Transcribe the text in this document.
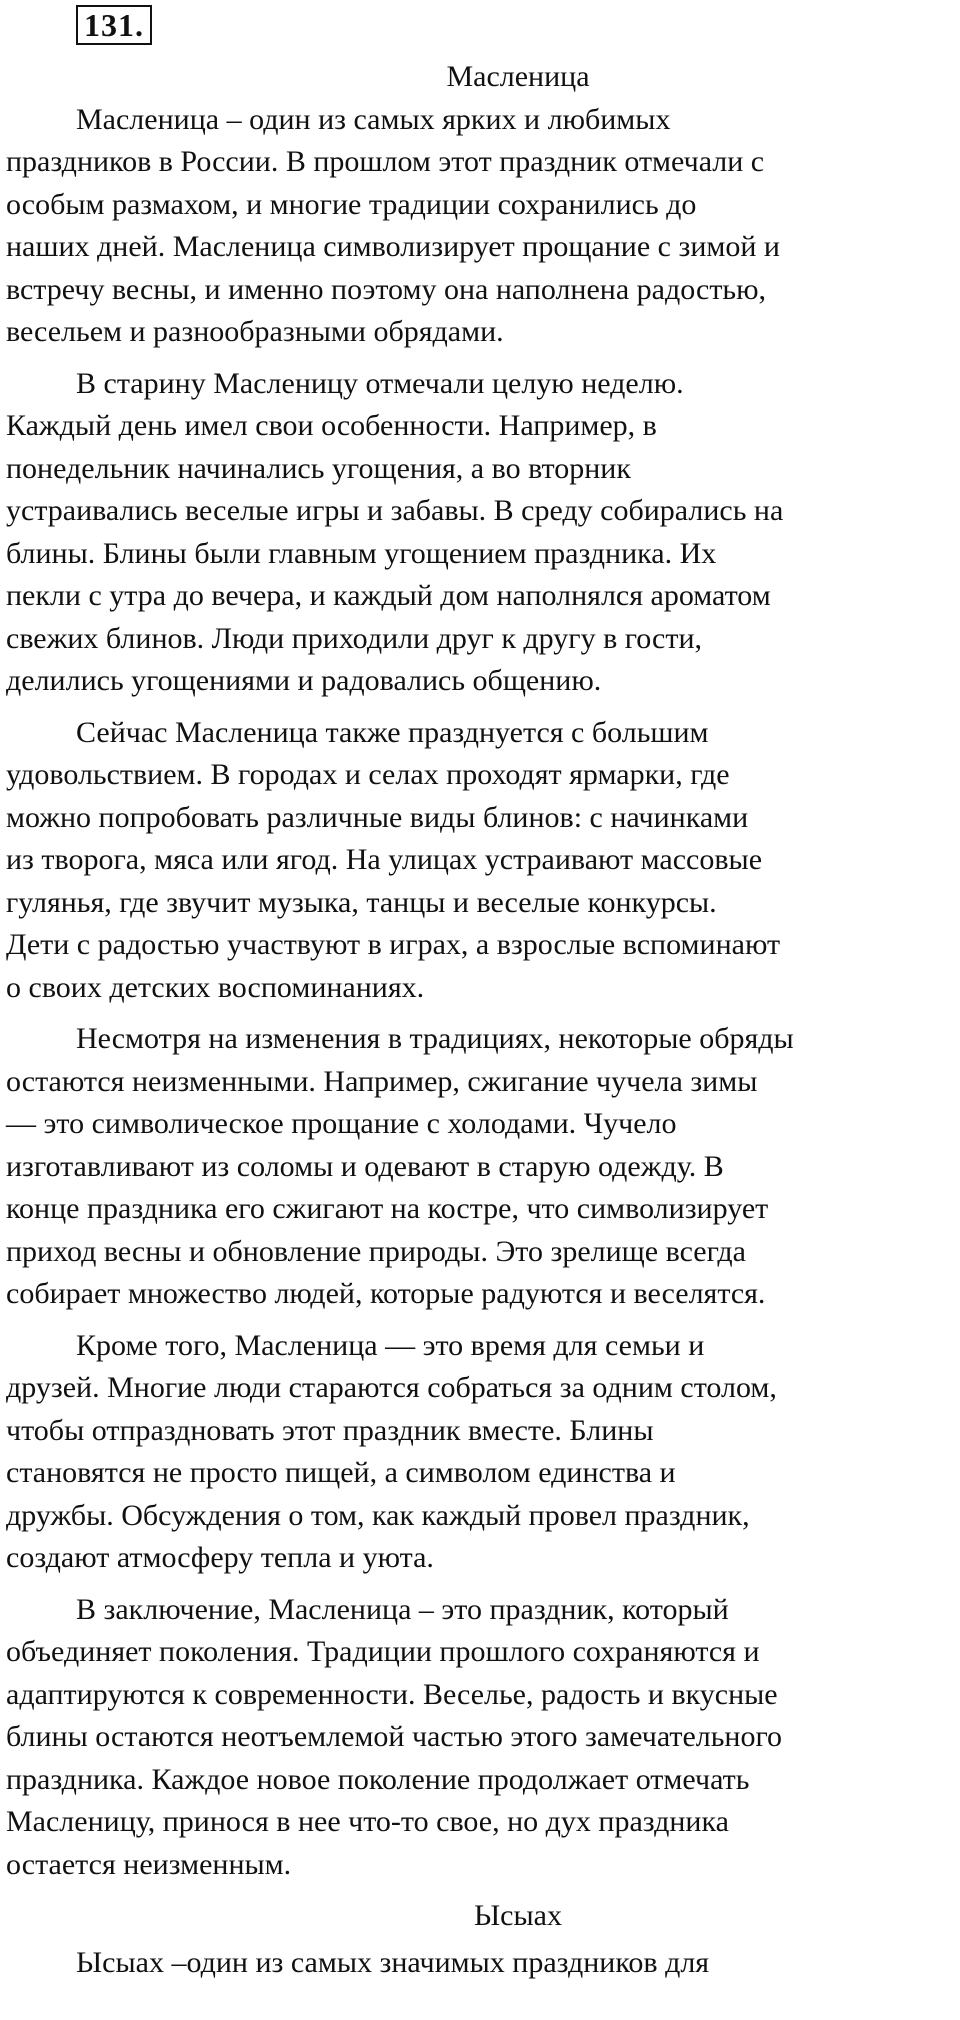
131.

Масленица

Масленица – один из самых ярких и любимых
праздников в России. В прошлом этот праздник отмечали с
особым размахом, и многие традиции сохранились до
наших дней. Масленица символизирует прощание с зимой и
встречу весны, и именно поэтому она наполнена радостью,
весельем и разнообразными обрядами.

В старину Масленицу отмечали целую неделю.
Каждый день имел свои особенности. Например, в
понедельник начинались угощения, а во вторник
устраивались веселые игры и забавы. В среду собирались на
блины. Блины были главным угощением праздника. Их
пекли с утра до вечера, и каждый дом наполнялся ароматом
свежих блинов. Люди приходили друг к другу в гости,
делились угощениями и радовались общению.

Сейчас Масленица также празднуется с большим
удовольствием. В городах и селах проходят ярмарки, где
можно попробовать различные виды блинов: с начинками
из творога, мяса или ягод. На улицах устраивают массовые
гулянья, где звучит музыка, танцы и веселые конкурсы.
Дети с радостью участвуют в играх, а взрослые вспоминают
о своих детских воспоминаниях.

Несмотря на изменения в традициях, некоторые обряды
остаются неизменными. Например, сжигание чучела зимы
— это символическое прощание с холодами. Чучело
изготавливают из соломы и одевают в старую одежду. В
конце праздника его сжигают на костре, что символизирует
приход весны и обновление природы. Это зрелище всегда
собирает множество людей, которые радуются и веселятся.

Кроме того, Масленица — это время для семьи и
друзей. Многие люди стараются собраться за одним столом,
чтобы отпраздновать этот праздник вместе. Блины
становятся не просто пищей, а символом единства и
дружбы. Обсуждения о том, как каждый провел праздник,
создают атмосферу тепла и уюта.

В заключение, Масленица – это праздник, который
объединяет поколения. Традиции прошлого сохраняются и
адаптируются к современности. Веселье, радость и вкусные
блины остаются неотъемлемой частью этого замечательного
праздника. Каждое новое поколение продолжает отмечать
Масленицу, принося в нее что-то свое, но дух праздника
остается неизменным.

Ысыах

Ысыах –один из самых значимых праздников для
